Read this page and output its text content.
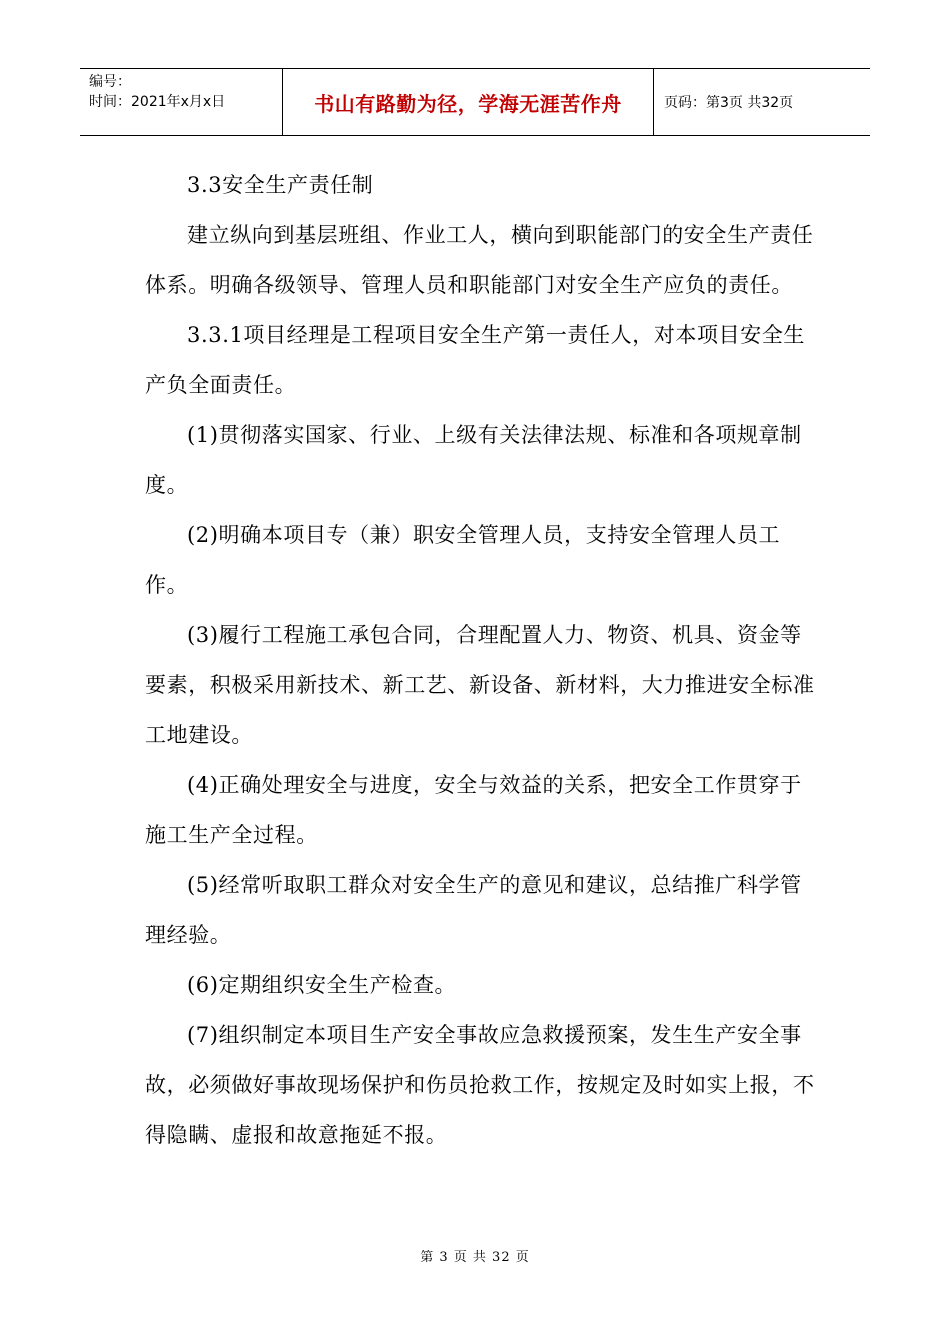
编号：
时间：2021年x月x日	书山有路勤为径，学海无涯苦作舟	页码：第3页 共32页

3.3安全生产责任制

建立纵向到基层班组、作业工人，横向到职能部门的安全生产责任体系。明确各级领导、管理人员和职能部门对安全生产应负的责任。

3.3.1项目经理是工程项目安全生产第一责任人，对本项目安全生产负全面责任。

(1)贯彻落实国家、行业、上级有关法律法规、标准和各项规章制度。

(2)明确本项目专（兼）职安全管理人员，支持安全管理人员工作。

(3)履行工程施工承包合同，合理配置人力、物资、机具、资金等要素，积极采用新技术、新工艺、新设备、新材料，大力推进安全标准工地建设。

(4)正确处理安全与进度，安全与效益的关系，把安全工作贯穿于施工生产全过程。

(5)经常听取职工群众对安全生产的意见和建议，总结推广科学管理经验。

(6)定期组织安全生产检查。

(7)组织制定本项目生产安全事故应急救援预案，发生生产安全事故，必须做好事故现场保护和伤员抢救工作，按规定及时如实上报，不得隐瞒、虚报和故意拖延不报。

第 3 页 共 32 页
